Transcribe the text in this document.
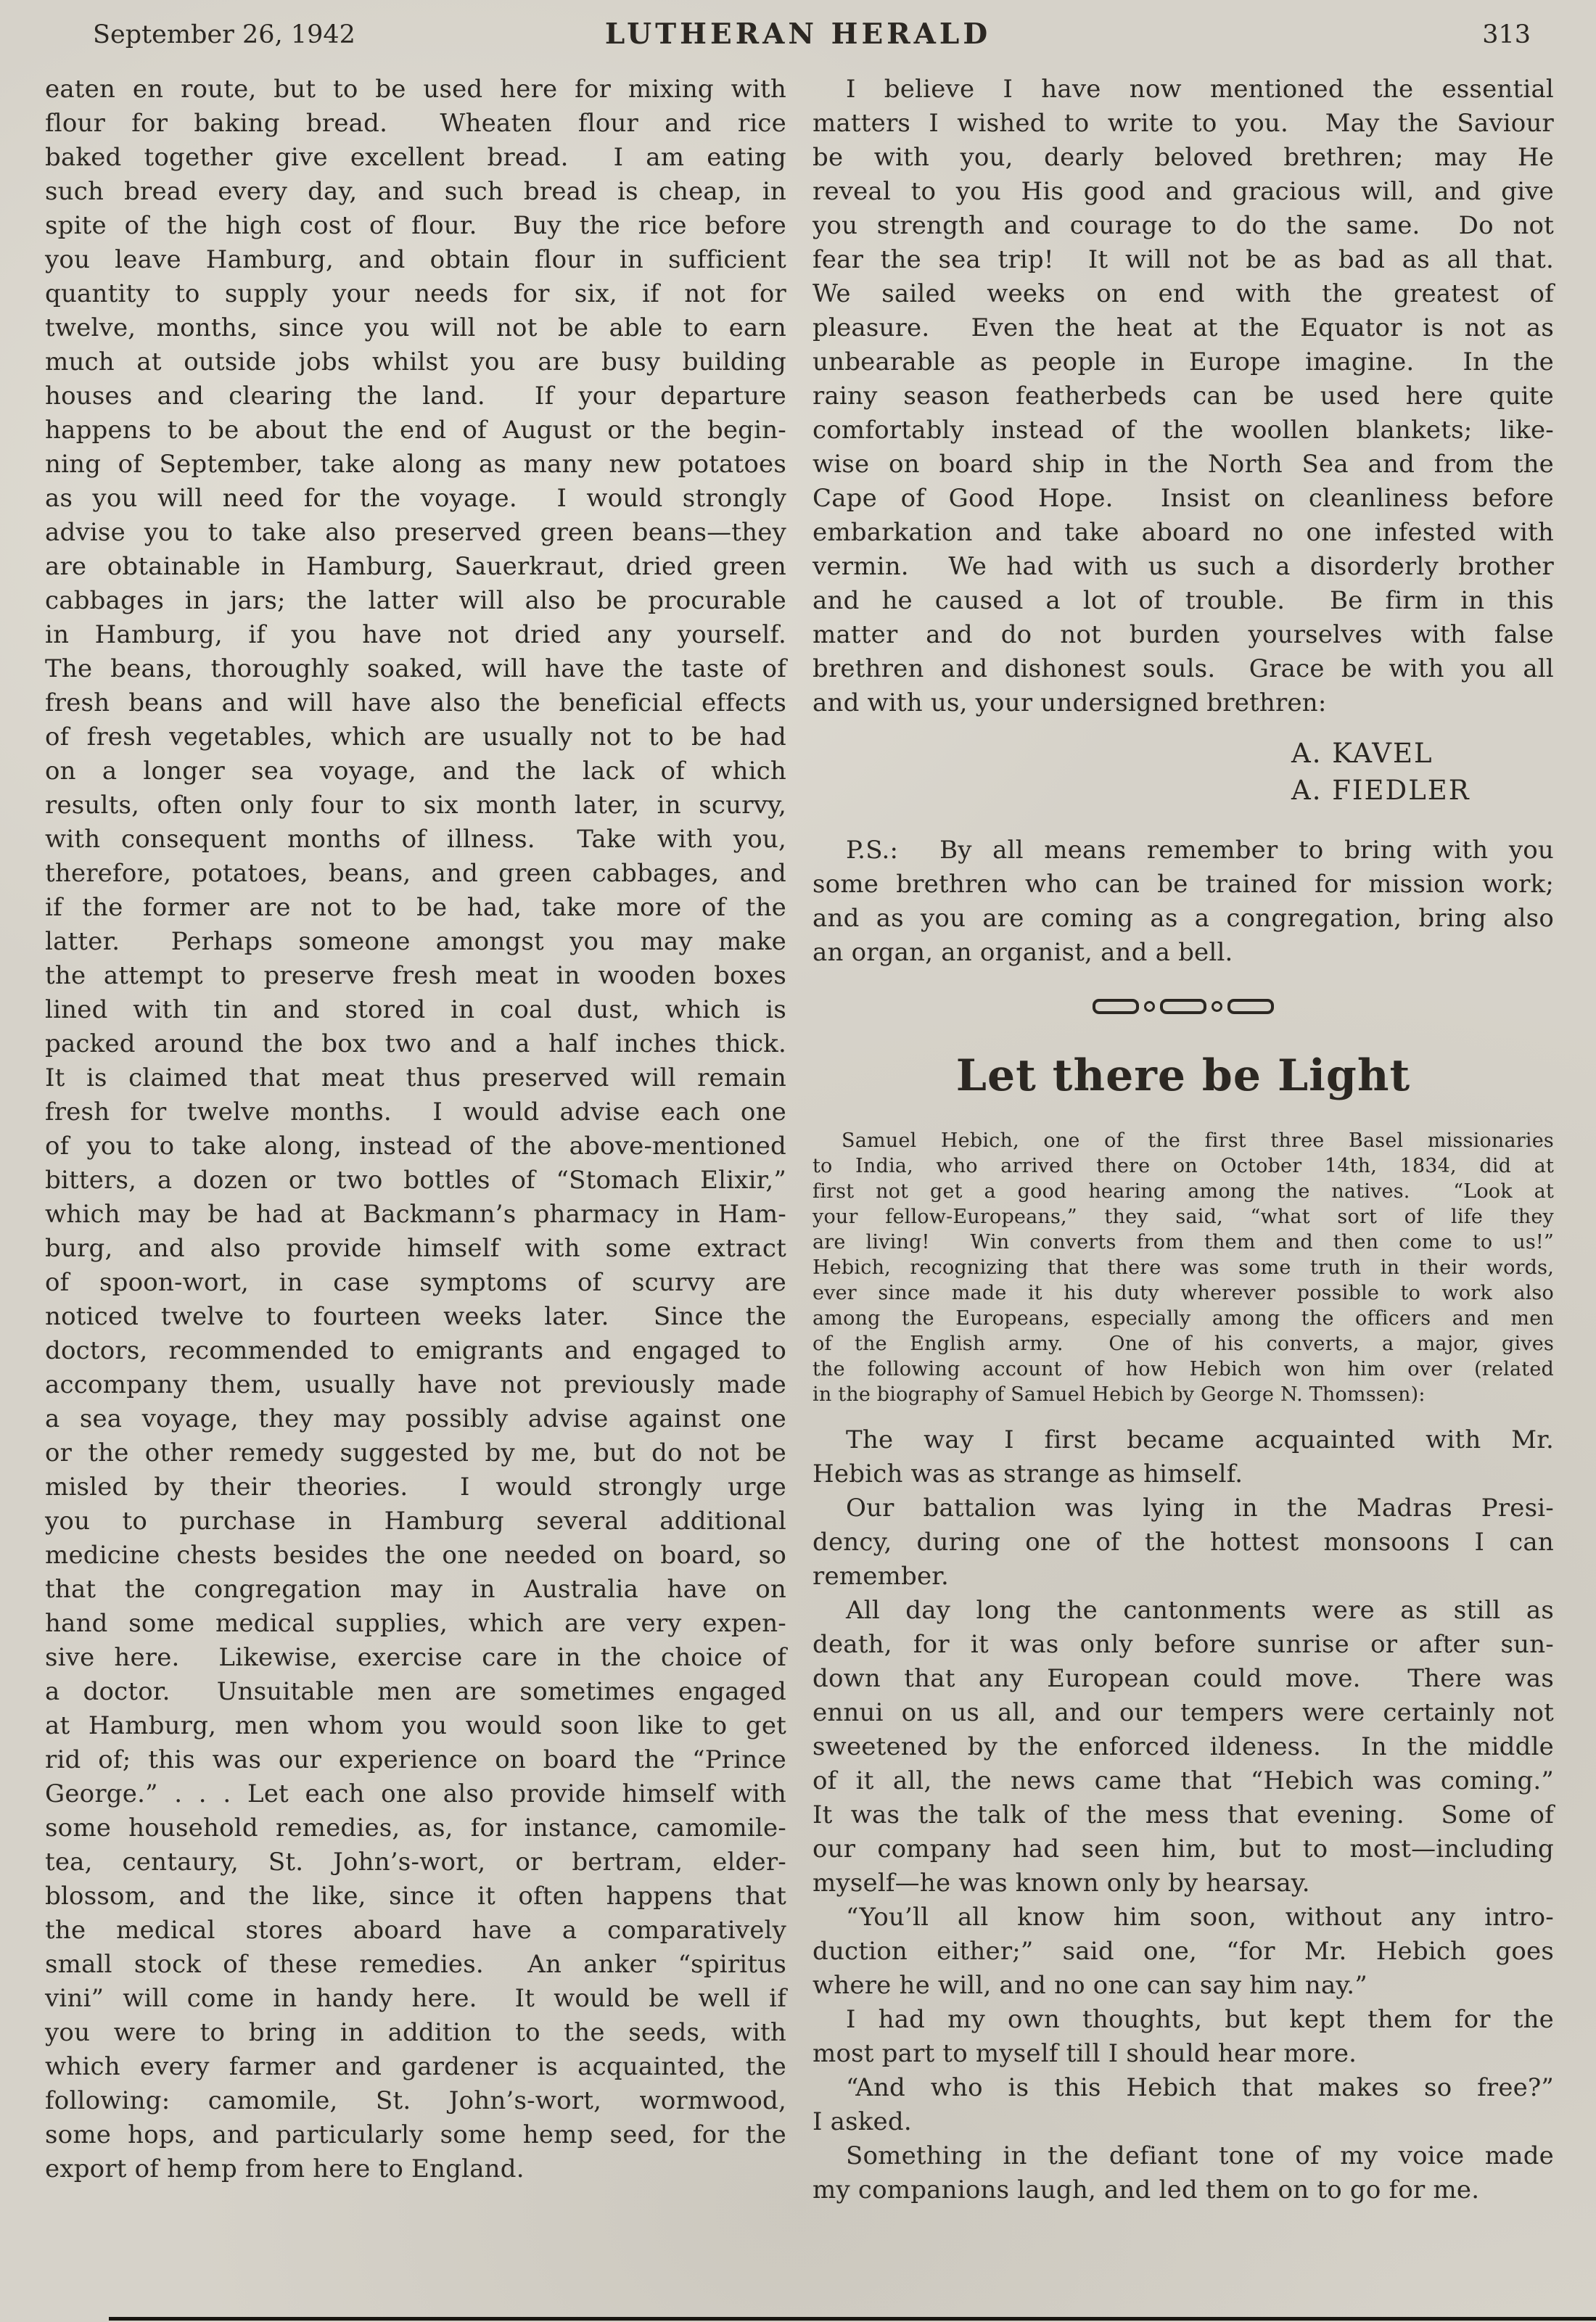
September 26, 1942	LUTHERAN HERALD	313
eaten en route, but to be used here for mixing with
flour for baking bread.  Wheaten flour and rice
baked together give excellent bread.  I am eating
such bread every day, and such bread is cheap, in
spite of the high cost of flour.  Buy the rice before
you leave Hamburg, and obtain flour in sufficient
quantity to supply your needs for six, if not for
twelve, months, since you will not be able to earn
much at outside jobs whilst you are busy building
houses and clearing the land.  If your departure
happens to be about the end of August or the begin-
ning of September, take along as many new potatoes
as you will need for the voyage.  I would strongly
advise you to take also preserved green beans—they
are obtainable in Hamburg, Sauerkraut, dried green
cabbages in jars; the latter will also be procurable
in Hamburg, if you have not dried any yourself.
The beans, thoroughly soaked, will have the taste of
fresh beans and will have also the beneficial effects
of fresh vegetables, which are usually not to be had
on a longer sea voyage, and the lack of which
results, often only four to six month later, in scurvy,
with consequent months of illness.  Take with you,
therefore, potatoes, beans, and green cabbages, and
if the former are not to be had, take more of the
latter.  Perhaps someone amongst you may make
the attempt to preserve fresh meat in wooden boxes
lined with tin and stored in coal dust, which is
packed around the box two and a half inches thick.
It is claimed that meat thus preserved will remain
fresh for twelve months.  I would advise each one
of you to take along, instead of the above-mentioned
bitters, a dozen or two bottles of “Stomach Elixir,”
which may be had at Backmann’s pharmacy in Ham-
burg, and also provide himself with some extract
of spoon-wort, in case symptoms of scurvy are
noticed twelve to fourteen weeks later.  Since the
doctors, recommended to emigrants and engaged to
accompany them, usually have not previously made
a sea voyage, they may possibly advise against one
or the other remedy suggested by me, but do not be
misled by their theories.  I would strongly urge
you to purchase in Hamburg several additional
medicine chests besides the one needed on board, so
that the congregation may in Australia have on
hand some medical supplies, which are very expen-
sive here.  Likewise, exercise care in the choice of
a doctor.  Unsuitable men are sometimes engaged
at Hamburg, men whom you would soon like to get
rid of; this was our experience on board the “Prince
George.” . . . Let each one also provide himself with
some household remedies, as, for instance, camomile-
tea, centaury, St. John’s-wort, or bertram, elder-
blossom, and the like, since it often happens that
the medical stores aboard have a comparatively
small stock of these remedies.  An anker “spiritus
vini” will come in handy here.  It would be well if
you were to bring in addition to the seeds, with
which every farmer and gardener is acquainted, the
following: camomile, St. John’s-wort, wormwood,
some hops, and particularly some hemp seed, for the
export of hemp from here to England.
I believe I have now mentioned the essential
matters I wished to write to you.  May the Saviour
be with you, dearly beloved brethren; may He
reveal to you His good and gracious will, and give
you strength and courage to do the same.  Do not
fear the sea trip!  It will not be as bad as all that.
We sailed weeks on end with the greatest of
pleasure.  Even the heat at the Equator is not as
unbearable as people in Europe imagine.  In the
rainy season featherbeds can be used here quite
comfortably instead of the woollen blankets; like-
wise on board ship in the North Sea and from the
Cape of Good Hope.  Insist on cleanliness before
embarkation and take aboard no one infested with
vermin.  We had with us such a disorderly brother
and he caused a lot of trouble.  Be firm in this
matter and do not burden yourselves with false
brethren and dishonest souls.  Grace be with you all
and with us, your undersigned brethren:
A. KAVEL
A. FIEDLER
P.S.:  By all means remember to bring with you
some brethren who can be trained for mission work;
and as you are coming as a congregation, bring also
an organ, an organist, and a bell.
Let there be Light
Samuel Hebich, one of the first three Basel missionaries
to India, who arrived there on October 14th, 1834, did at
first not get a good hearing among the natives.  “Look at
your fellow-Europeans,” they said, “what sort of life they
are living!  Win converts from them and then come to us!”
Hebich, recognizing that there was some truth in their words,
ever since made it his duty wherever possible to work also
among the Europeans, especially among the officers and men
of the English army.  One of his converts, a major, gives
the following account of how Hebich won him over (related
in the biography of Samuel Hebich by George N. Thomssen):
The way I first became acquainted with Mr.
Hebich was as strange as himself.
Our battalion was lying in the Madras Presi-
dency, during one of the hottest monsoons I can
remember.
All day long the cantonments were as still as
death, for it was only before sunrise or after sun-
down that any European could move.  There was
ennui on us all, and our tempers were certainly not
sweetened by the enforced ildeness.  In the middle
of it all, the news came that “Hebich was coming.”
It was the talk of the mess that evening.  Some of
our company had seen him, but to most—including
myself—he was known only by hearsay.
“You’ll all know him soon, without any intro-
duction either;” said one, “for Mr. Hebich goes
where he will, and no one can say him nay.”
I had my own thoughts, but kept them for the
most part to myself till I should hear more.
“And who is this Hebich that makes so free?”
I asked.
Something in the defiant tone of my voice made
my companions laugh, and led them on to go for me.
